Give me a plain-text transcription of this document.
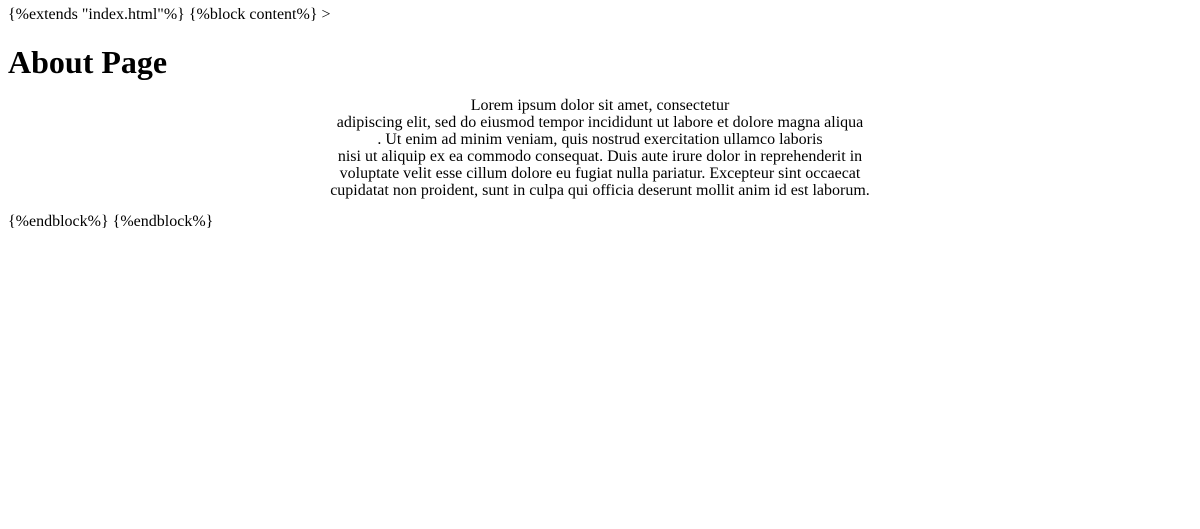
{%extends "index.html"%} {%block content%} >

About Page

Lorem ipsum dolor sit amet, consectetur
adipiscing elit, sed do eiusmod tempor incididunt ut labore et dolore magna aliqua
. Ut enim ad minim veniam, quis nostrud exercitation ullamco laboris
nisi ut aliquip ex ea commodo consequat. Duis aute irure dolor in reprehenderit in
voluptate velit esse cillum dolore eu fugiat nulla pariatur. Excepteur sint occaecat
cupidatat non proident, sunt in culpa qui officia deserunt mollit anim id est laborum.

{%endblock%} {%endblock%}
